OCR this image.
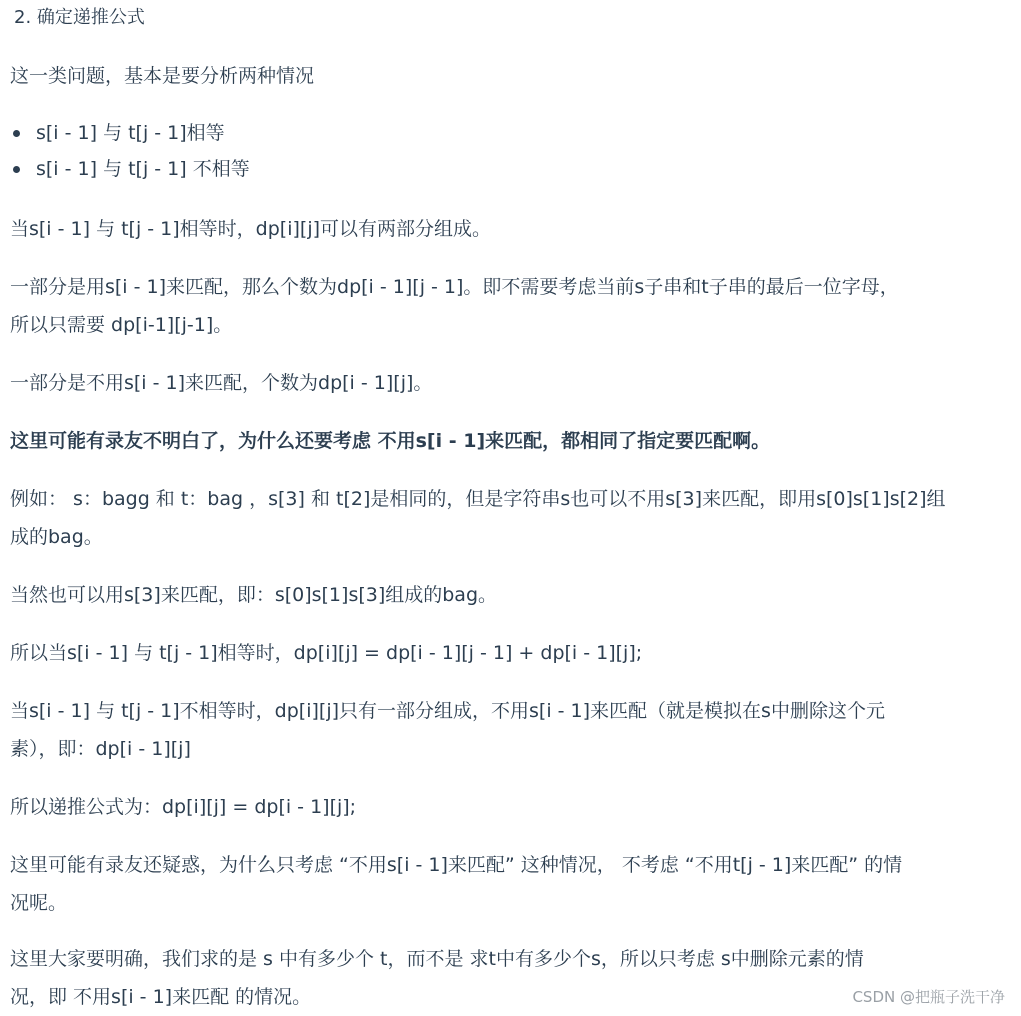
2. 确定递推公式
这一类问题，基本是要分析两种情况
s[i - 1] 与 t[j - 1]相等
s[i - 1] 与 t[j - 1] 不相等
当s[i - 1] 与 t[j - 1]相等时，dp[i][j]可以有两部分组成。
一部分是用s[i - 1]来匹配，那么个数为dp[i - 1][j - 1]。即不需要考虑当前s子串和t子串的最后一位字母，
所以只需要 dp[i-1][j-1]。
一部分是不用s[i - 1]来匹配，个数为dp[i - 1][j]。
这里可能有录友不明白了，为什么还要考虑 不用s[i - 1]来匹配，都相同了指定要匹配啊。
例如： s：bagg 和 t：bag ，s[3] 和 t[2]是相同的，但是字符串s也可以不用s[3]来匹配，即用s[0]s[1]s[2]组
成的bag。
当然也可以用s[3]来匹配，即：s[0]s[1]s[3]组成的bag。
所以当s[i - 1] 与 t[j - 1]相等时，dp[i][j] = dp[i - 1][j - 1] + dp[i - 1][j];
当s[i - 1] 与 t[j - 1]不相等时，dp[i][j]只有一部分组成，不用s[i - 1]来匹配（就是模拟在s中删除这个元
素），即：dp[i - 1][j]
所以递推公式为：dp[i][j] = dp[i - 1][j];
这里可能有录友还疑惑，为什么只考虑 “不用s[i - 1]来匹配” 这种情况， 不考虑 “不用t[j - 1]来匹配” 的情
况呢。
这里大家要明确，我们求的是 s 中有多少个 t，而不是 求t中有多少个s，所以只考虑 s中删除元素的情
况，即 不用s[i - 1]来匹配 的情况。	CSDN @把瓶子洗干净
